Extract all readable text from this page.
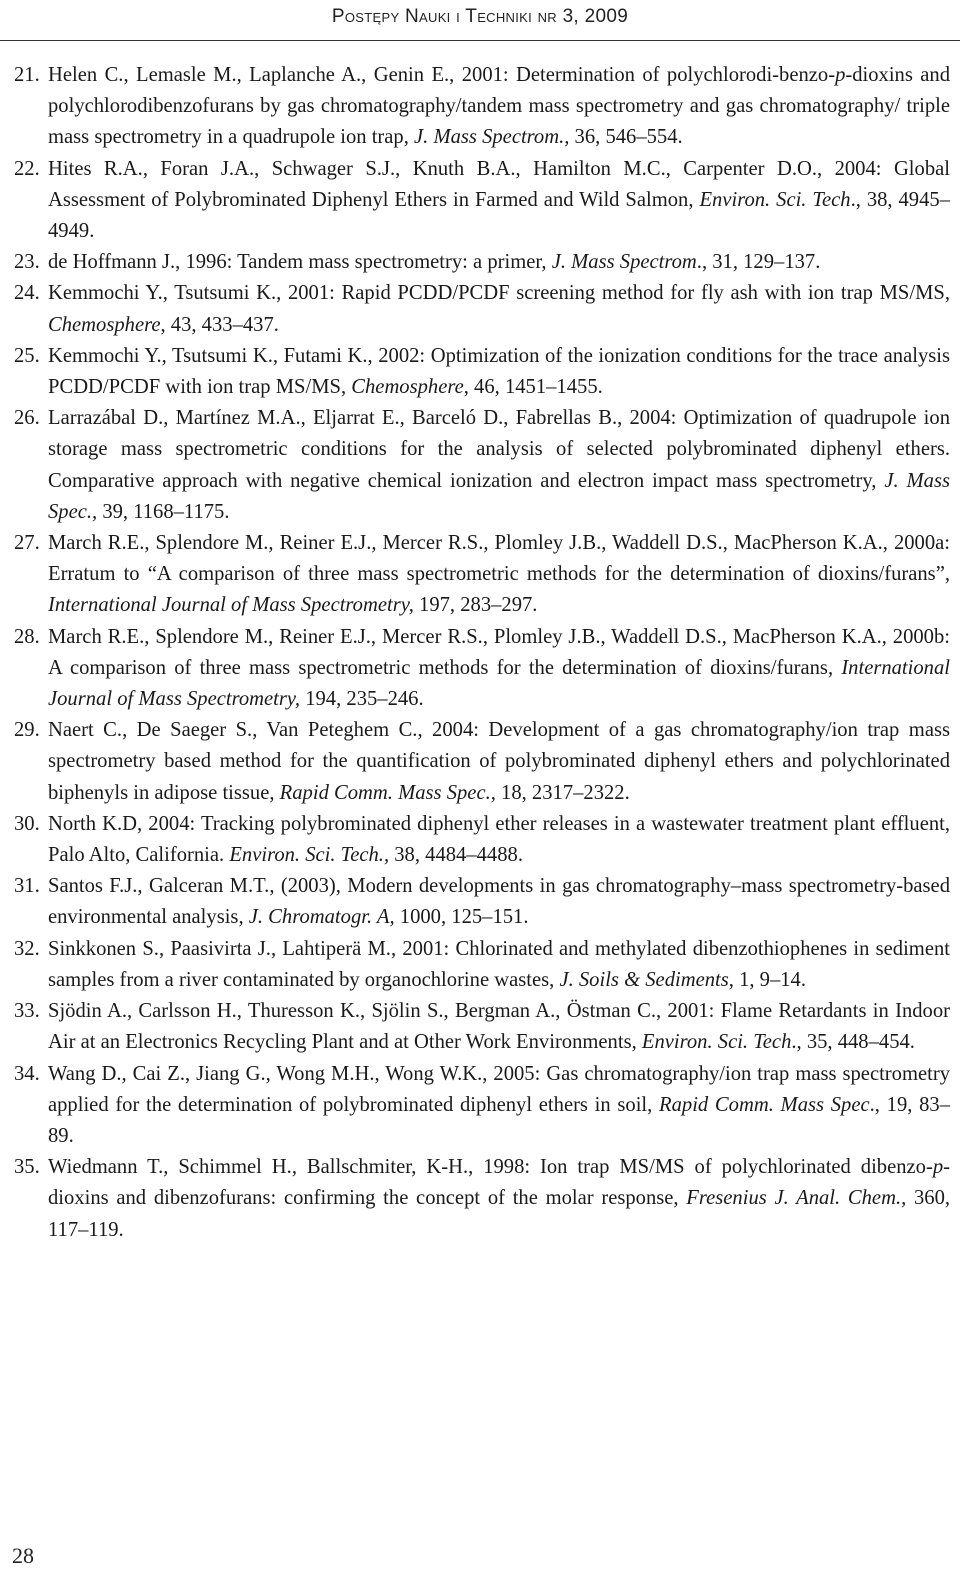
Postępy Nauki i Techniki nr 3, 2009
21. Helen C., Lemasle M., Laplanche A., Genin E., 2001: Determination of polychlorodi-benzo-p-dioxins and polychlorodibenzofurans by gas chromatography/tandem mass spectrometry and gas chromatography/ triple mass spectrometry in a quadrupole ion trap, J. Mass Spectrom., 36, 546–554.
22. Hites R.A., Foran J.A., Schwager S.J., Knuth B.A., Hamilton M.C., Carpenter D.O., 2004: Global Assessment of Polybrominated Diphenyl Ethers in Farmed and Wild Salmon, Environ. Sci. Tech., 38, 4945–4949.
23. de Hoffmann J., 1996: Tandem mass spectrometry: a primer, J. Mass Spectrom., 31, 129–137.
24. Kemmochi Y., Tsutsumi K., 2001: Rapid PCDD/PCDF screening method for fly ash with ion trap MS/MS, Chemosphere, 43, 433–437.
25. Kemmochi Y., Tsutsumi K., Futami K., 2002: Optimization of the ionization conditions for the trace analysis PCDD/PCDF with ion trap MS/MS, Chemosphere, 46, 1451–1455.
26. Larrazábal D., Martínez M.A., Eljarrat E., Barceló D., Fabrellas B., 2004: Optimization of quadrupole ion storage mass spectrometric conditions for the analysis of selected polybrominated diphenyl ethers. Comparative approach with negative chemical ionization and electron impact mass spectrometry, J. Mass Spec., 39, 1168–1175.
27. March R.E., Splendore M., Reiner E.J., Mercer R.S., Plomley J.B., Waddell D.S., MacPherson K.A., 2000a: Erratum to “A comparison of three mass spectrometric methods for the determination of dioxins/furans”, International Journal of Mass Spectrometry, 197, 283–297.
28. March R.E., Splendore M., Reiner E.J., Mercer R.S., Plomley J.B., Waddell D.S., MacPherson K.A., 2000b: A comparison of three mass spectrometric methods for the determination of dioxins/furans, International Journal of Mass Spectrometry, 194, 235–246.
29. Naert C., De Saeger S., Van Peteghem C., 2004: Development of a gas chromatography/ion trap mass spectrometry based method for the quantification of polybrominated diphenyl ethers and polychlorinated biphenyls in adipose tissue, Rapid Comm. Mass Spec., 18, 2317–2322.
30. North K.D, 2004: Tracking polybrominated diphenyl ether releases in a wastewater treatment plant effluent, Palo Alto, California. Environ. Sci. Tech., 38, 4484–4488.
31. Santos F.J., Galceran M.T., (2003), Modern developments in gas chromatography–mass spectrometry-based environmental analysis, J. Chromatogr. A, 1000, 125–151.
32. Sinkkonen S., Paasivirta J., Lahtiperä M., 2001: Chlorinated and methylated dibenzothiophenes in sediment samples from a river contaminated by organochlorine wastes, J. Soils & Sediments, 1, 9–14.
33. Sjödin A., Carlsson H., Thuresson K., Sjölin S., Bergman A., Östman C., 2001: Flame Retardants in Indoor Air at an Electronics Recycling Plant and at Other Work Environments, Environ. Sci. Tech., 35, 448–454.
34. Wang D., Cai Z., Jiang G., Wong M.H., Wong W.K., 2005: Gas chromatography/ion trap mass spectrometry applied for the determination of polybrominated diphenyl ethers in soil, Rapid Comm. Mass Spec., 19, 83–89.
35. Wiedmann T., Schimmel H., Ballschmiter, K-H., 1998: Ion trap MS/MS of polychlorinated dibenzo-p-dioxins and dibenzofurans: confirming the concept of the molar response, Fresenius J. Anal. Chem., 360, 117–119.
28
